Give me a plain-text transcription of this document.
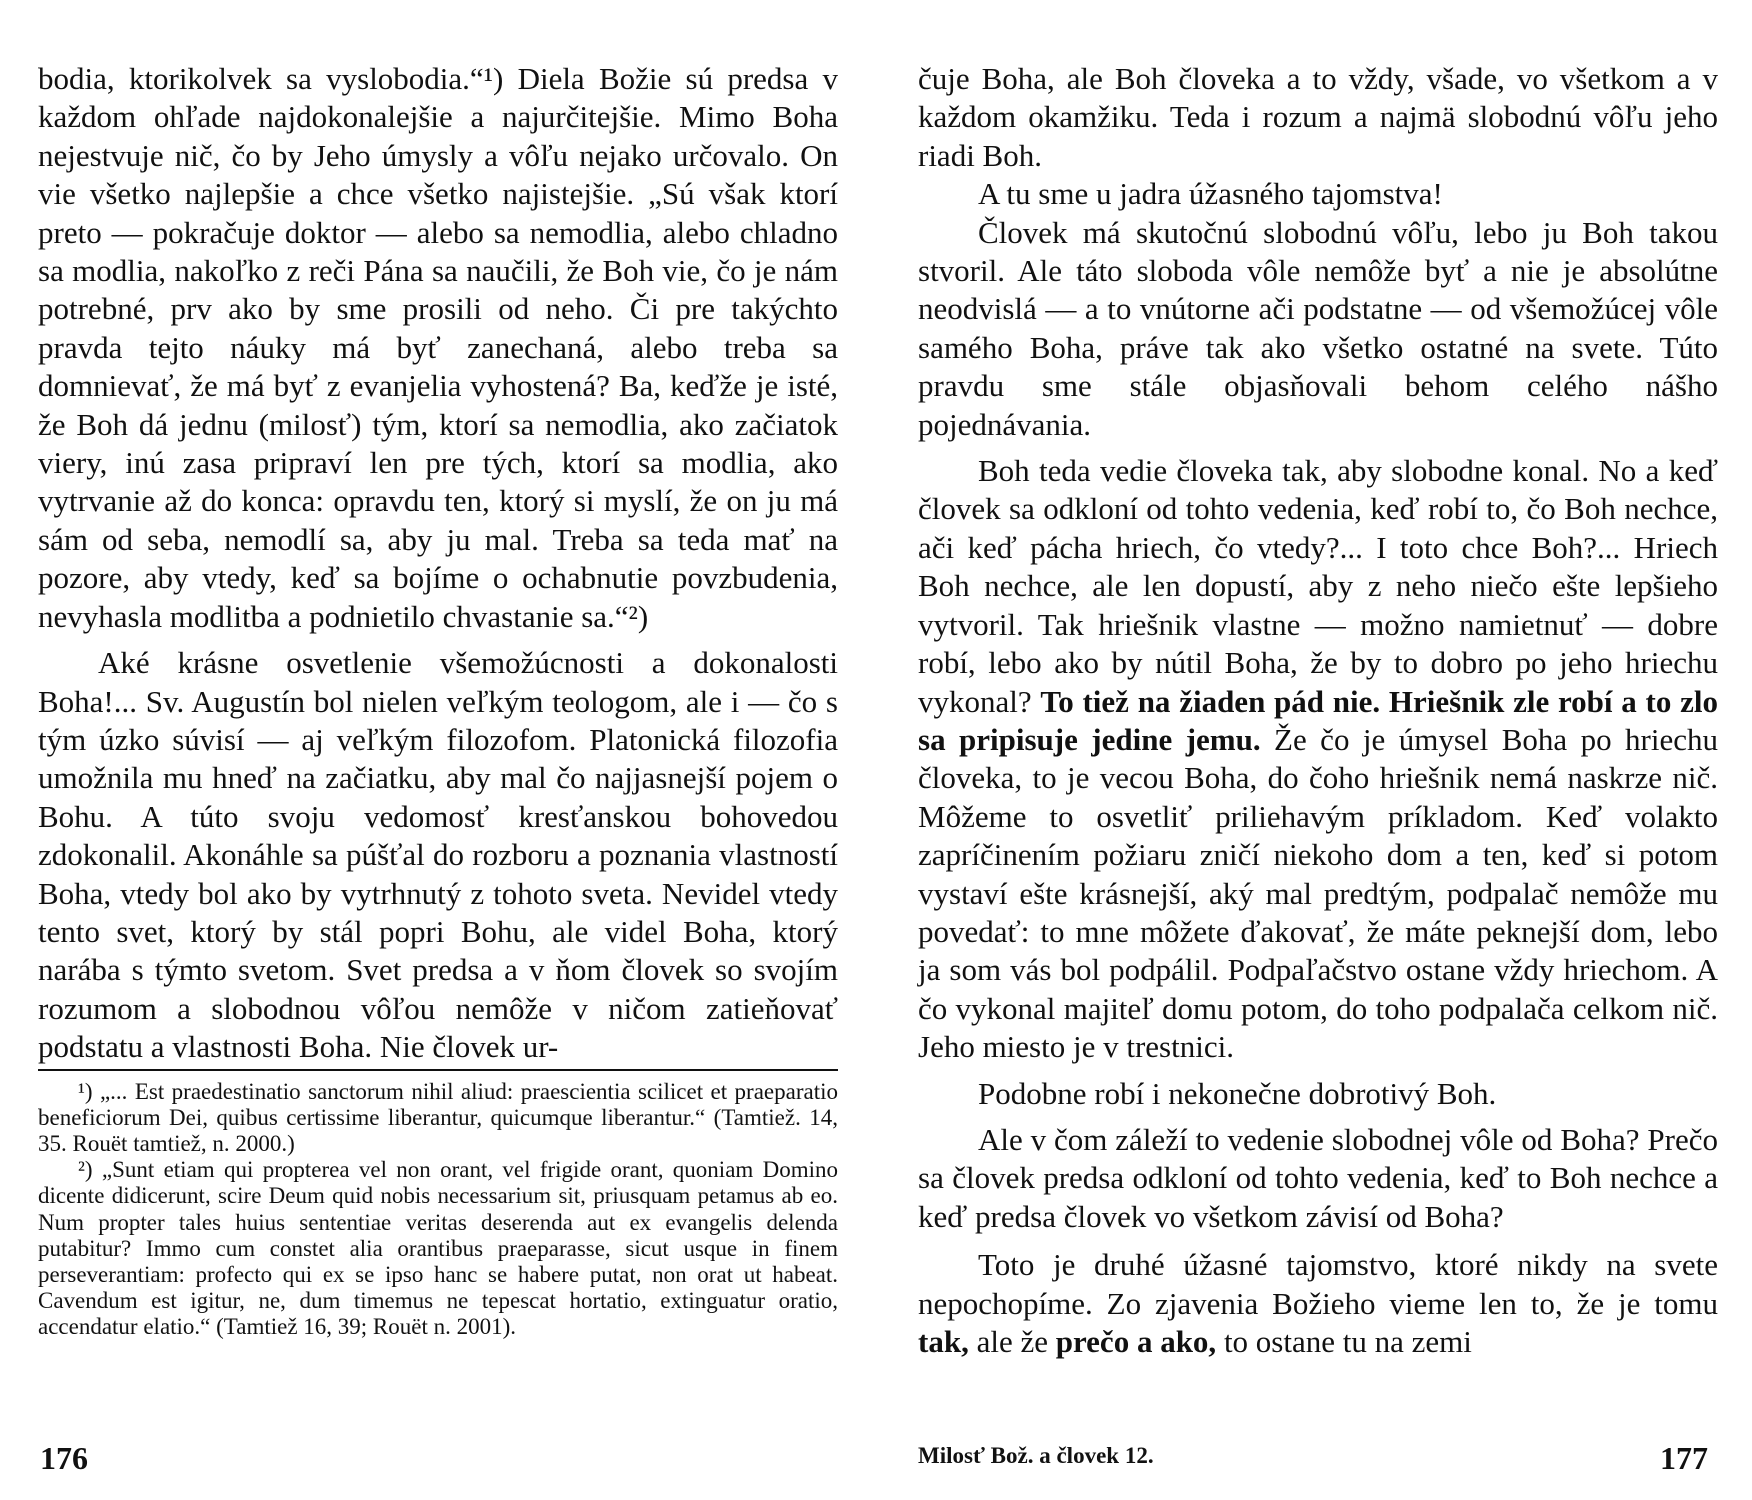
bodia, ktorikolvek sa vyslobodia.“¹) Diela Božie sú predsa v každom ohľade najdokonalejšie a najurčitejšie. Mimo Boha nejestvuje nič, čo by Jeho úmysly a vôľu nejako určovalo. On vie všetko najlepšie a chce všetko najistejšie. „Sú však ktorí preto — pokračuje doktor — alebo sa nemodlia, alebo chladno sa modlia, nakoľko z reči Pána sa naučili, že Boh vie, čo je nám potrebné, prv ako by sme prosili od neho. Či pre takýchto pravda tejto náuky má byť zanechaná, alebo treba sa domnievať, že má byť z evanjelia vyhostená? Ba, keďže je isté, že Boh dá jednu (milosť) tým, ktorí sa nemodlia, ako začiatok viery, inú zasa pripraví len pre tých, ktorí sa modlia, ako vytrvanie až do konca: opravdu ten, ktorý si myslí, že on ju má sám od seba, nemodlí sa, aby ju mal. Treba sa teda mať na pozore, aby vtedy, keď sa bojíme o ochabnutie povzbudenia, nevyhasla modlitba a podnietilo chvastanie sa.“²)

Aké krásne osvetlenie všemožúcnosti a dokonalosti Boha!... Sv. Augustín bol nielen veľkým teologom, ale i — čo s tým úzko súvisí — aj veľkým filozofom. Platonická filozofia umožnila mu hneď na začiatku, aby mal čo najjasnejší pojem o Bohu. A túto svoju vedomosť kresťanskou bohovedou zdokonalil. Akonáhle sa púšťal do rozboru a poznania vlastností Boha, vtedy bol ako by vytrhnutý z tohoto sveta. Nevidel vtedy tento svet, ktorý by stál popri Bohu, ale videl Boha, ktorý narába s týmto svetom. Svet predsa a v ňom človek so svojím rozumom a slobodnou vôľou nemôže v ničom zatieňovať podstatu a vlastnosti Boha. Nie človek ur-

¹) „... Est praedestinatio sanctorum nihil aliud: praescientia scilicet et praeparatio beneficiorum Dei, quibus certissime liberantur, quicumque liberantur.“ (Tamtiež. 14, 35. Rouët tamtiež, n. 2000.)

²) „Sunt etiam qui propterea vel non orant, vel frigide orant, quoniam Domino dicente didicerunt, scire Deum quid nobis necessarium sit, priusquam petamus ab eo. Num propter tales huius sententiae veritas deserenda aut ex evangelis delenda putabitur? Immo cum constet alia orantibus praeparasse, sicut usque in finem perseverantiam: profecto qui ex se ipso hanc se habere putat, non orat ut habeat. Cavendum est igitur, ne, dum timemus ne tepescat hortatio, extinguatur oratio, accendatur elatio.“ (Tamtiež 16, 39; Rouët n. 2001).

čuje Boha, ale Boh človeka a to vždy, všade, vo všetkom a v každom okamžiku. Teda i rozum a najmä slobodnú vôľu jeho riadi Boh.

A tu sme u jadra úžasného tajomstva!

Človek má skutočnú slobodnú vôľu, lebo ju Boh takou stvoril. Ale táto sloboda vôle nemôže byť a nie je absolútne neodvislá — a to vnútorne ači podstatne — od všemožúcej vôle samého Boha, práve tak ako všetko ostatné na svete. Túto pravdu sme stále objasňovali behom celého nášho pojednávania.

Boh teda vedie človeka tak, aby slobodne konal. No a keď človek sa odkloní od tohto vedenia, keď robí to, čo Boh nechce, ači keď pácha hriech, čo vtedy?... I toto chce Boh?... Hriech Boh nechce, ale len dopustí, aby z neho niečo ešte lepšieho vytvoril. Tak hriešnik vlastne — možno namietnuť — dobre robí, lebo ako by nútil Boha, že by to dobro po jeho hriechu vykonal? To tiež na žiaden pád nie. Hriešnik zle robí a to zlo sa pripisuje jedine jemu. Že čo je úmysel Boha po hriechu človeka, to je vecou Boha, do čoho hriešnik nemá naskrze nič. Môžeme to osvetliť priliehavým príkladom. Keď volakto zapríčinením požiaru zničí niekoho dom a ten, keď si potom vystaví ešte krásnejší, aký mal predtým, podpalač nemôže mu povedať: to mne môžete ďakovať, že máte peknejší dom, lebo ja som vás bol podpálil. Podpaľačstvo ostane vždy hriechom. A čo vykonal majiteľ domu potom, do toho podpalača celkom nič. Jeho miesto je v trestnici.

Podobne robí i nekonečne dobrotivý Boh.

Ale v čom záleží to vedenie slobodnej vôle od Boha? Prečo sa človek predsa odkloní od tohto vedenia, keď to Boh nechce a keď predsa človek vo všetkom závisí od Boha?

Toto je druhé úžasné tajomstvo, ktoré nikdy na svete nepochopíme. Zo zjavenia Božieho vieme len to, že je tomu tak, ale že prečo a ako, to ostane tu na zemi

176	Milosť Bož. a človek 12.	177
